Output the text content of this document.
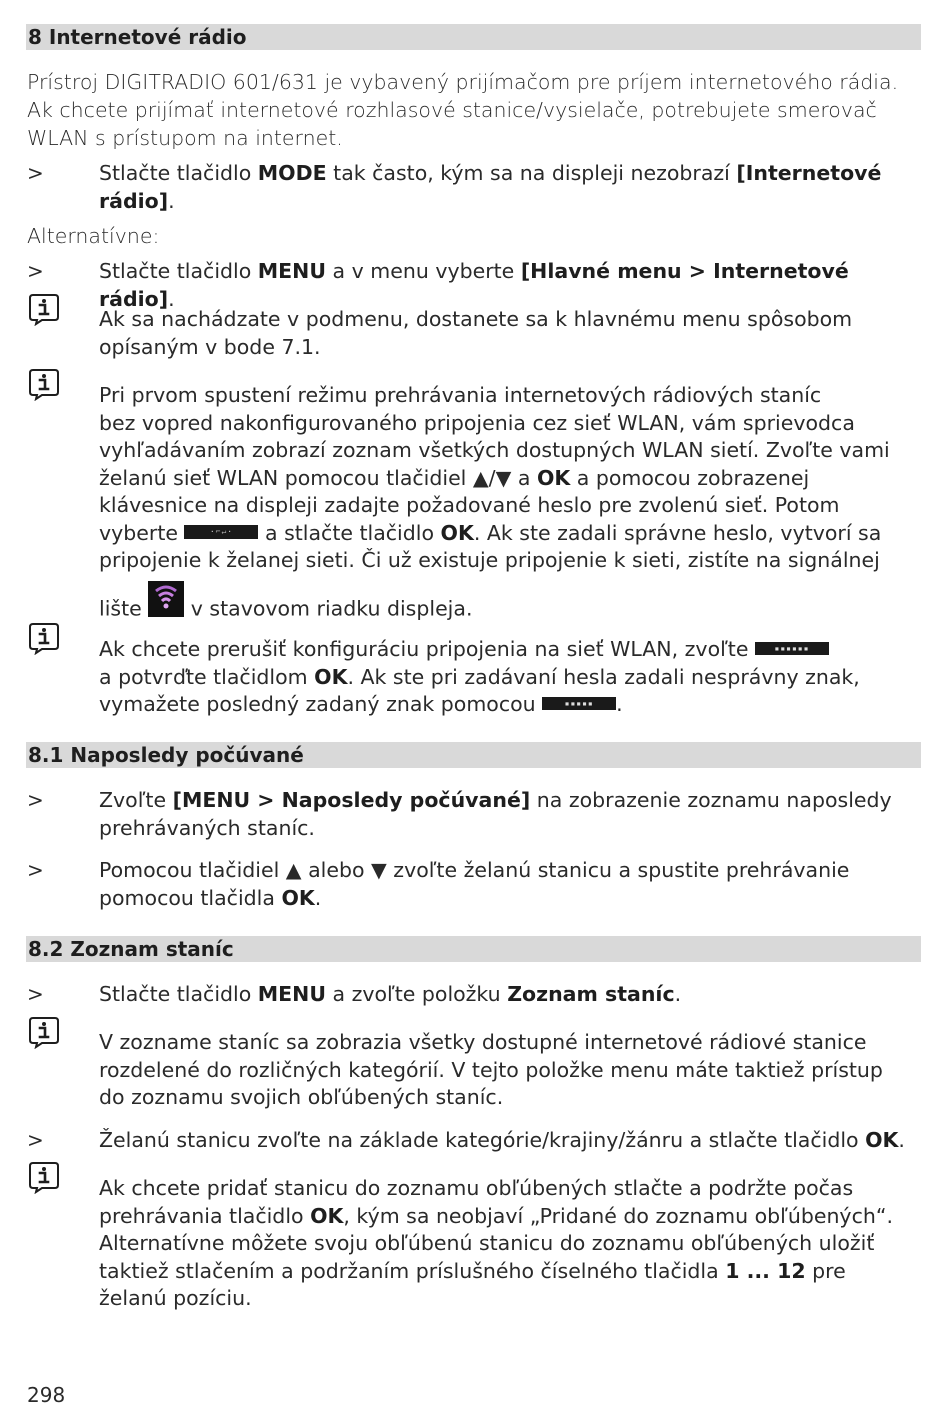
8 Internetové rádio

Prístroj DIGITRADIO 601/631 je vybavený prijímačom pre príjem internetového rádia.

Ak chcete prijímať internetové rozhlasové stanice/vysielače, potrebujete smerovač

WLAN s prístupom na internet.

>	Stlačte tlačidlo MODE tak často, kým sa na displeji nezobrazí [Internetové
rádio].

Alternatívne:

>	Stlačte tlačidlo MENU a v menu vyberte [Hlavné menu > Internetové rádio].

Ak sa nachádzate v podmenu, dostanete sa k hlavnému menu spôsobom
opísaným v bode 7.1.

Pri prvom spustení režimu prehrávania internetových rádiových staníc
bez vopred nakonfigurovaného pripojenia cez sieť WLAN, vám sprievodca
vyhľadávaním zobrazí zoznam všetkých dostupných WLAN sietí. Zvoľte vami
želanú sieť WLAN pomocou tlačidiel ▲/▼ a OK a pomocou zobrazenej
klávesnice na displeji zadajte požadované heslo pre zvolenú sieť. Potom
vyberte	·⌐↵· a stlačte tlačidlo OK. Ak ste zadali správne heslo, vytvorí sa
pripojenie k želanej sieti. Či už existuje pripojenie k sieti, zistíte na signálnej
lište  v stavovom riadku displeja.

Ak chcete prerušiť konfiguráciu pripojenia na sieť WLAN, zvoľte ▪▪▪▪▪▪
a potvrďte tlačidlom OK. Ak ste pri zadávaní hesla zadali nesprávny znak,
vymažete posledný zadaný znak pomocou	▪▪▪▪▪ .

8.1 Naposledy počúvané
>	Zvoľte [MENU > Naposledy počúvané] na zobrazenie zoznamu naposledy
prehrávaných staníc.

>	Pomocou tlačidiel ▲ alebo ▼ zvoľte želanú stanicu a spustite prehrávanie
pomocou tlačidla OK.

8.2 Zoznam staníc
>	Stlačte tlačidlo MENU a zvoľte položku Zoznam staníc.

V zozname staníc sa zobrazia všetky dostupné internetové rádiové stanice
rozdelené do rozličných kategórií. V tejto položke menu máte taktiež prístup
do zoznamu svojich obľúbených staníc.

>	Želanú stanicu zvoľte na základe kategórie/krajiny/žánru a stlačte tlačidlo OK.

Ak chcete pridať stanicu do zoznamu obľúbených stlačte a podržte počas
prehrávania tlačidlo OK, kým sa neobjaví „Pridané do zoznamu obľúbených“.
Alternatívne môžete svoju obľúbenú stanicu do zoznamu obľúbených uložiť
taktiež stlačením a podržaním príslušného číselného tlačidla 1 ... 12 pre
želanú pozíciu.

298
